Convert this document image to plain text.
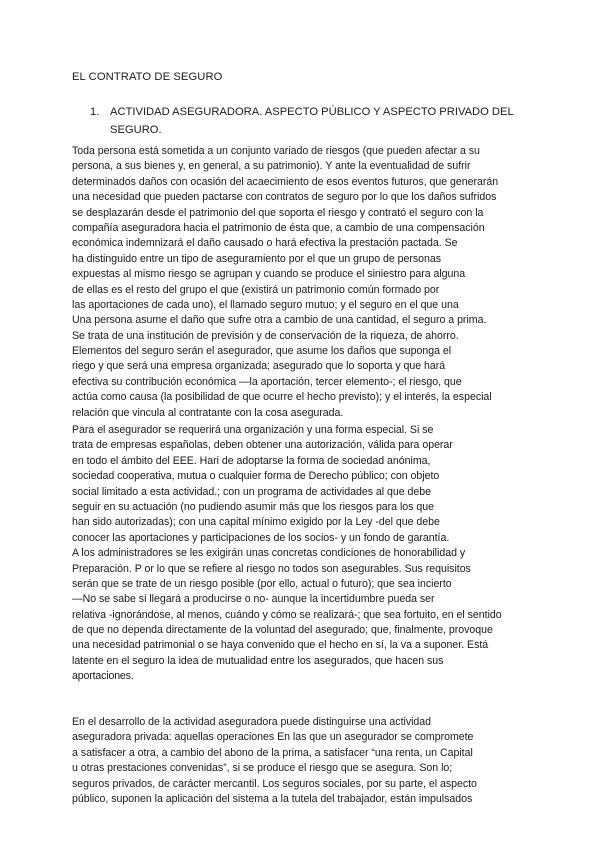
EL CONTRATO DE SEGURO
1. ACTIVIDAD ASEGURADORA. ASPECTO PÚBLICO Y ASPECTO PRIVADO DEL SEGURO.
Toda persona está sometida a un conjunto variado de riesgos (que pueden afectar a su
persona, a sus bienes y, en general, a su patrimonio). Y ante la eventualidad de sufrir
determinados daños con ocasión del acaecimiento de esos eventos futuros, que generarán
una necesidad que pueden pactarse con contratos de seguro por lo que los daños sufridos
se desplazarán desde el patrimonio del que soporta el riesgo y contrató el seguro con la
compañía aseguradora hacia el patrimonio de ésta que, a cambio de una compensación
económica indemnizará el daño causado o hará efectiva la prestación pactada. Se
ha distinguido entre un tipo de aseguramiento por el que un grupo de personas
expuestas al mismo riesgo se agrupan y cuando se produce el siniestro para alguna
de ellas es el resto del grupo el que (existirá un patrimonio común formado por
las aportaciones de cada uno), el llamado seguro mutuo; y el seguro en el que una
Una persona asume el daño que sufre otra a cambio de una cantidad, el seguro a prima.
Se trata de una institución de previsión y de conservación de la riqueza, de ahorro.
Elementos del seguro serán el asegurador, que asume los daños que suponga el
riego y que será una empresa organizada; asegurado que lo soporta y que hará
efectiva su contribución económica —la aportación, tercer elemento-; el riesgo, que
actúa como causa (la posibilidad de que ocurre el hecho previsto); y el interés, la especial
relación que vincula al contratante con la cosa asegurada.
Para el asegurador se requerirá una organización y una forma especial. Si se
trata de empresas españolas, deben obtener una autorización, válida para operar
en todo el ámbito del EEE. Hari de adoptarse la forma de sociedad anónima,
sociedad cooperativa, mutua o cualquier forma de Derecho público; con objeto
social limitado a esta actividad.; con un programa de actividades al que debe
seguir en su actuación (no pudiendo asumir más que los riesgos para los que
han sido autorizadas); con una capital mínimo exigido por la Ley -del que debe
conocer las aportaciones y participaciones de los socios- y un fondo de garantía.
A los administradores se les exigirán unas concretas condiciones de honorabilidad y
Preparación. P or lo que se refiere al riesgo no todos son asegurables. Sus requisitos
serán que se trate de un riesgo posible (por ello, actual o futuro); que sea incierto
—No se sabe si llegará a producirse o no- aunque la incertidumbre pueda ser
relativa -ignorándose, al menos, cuándo y cómo se realizará-; que sea fortuito, en el sentido
de que no dependa directamente de la voluntad del asegurado; que, finalmente, provoque
una necesidad patrimonial o se haya convenido que el hecho en sí, la va a suponer. Está
latente en el seguro la idea de mutualidad entre los asegurados, que hacen sus
aportaciones.
En el desarrollo de la actividad aseguradora puede distinguirse una actividad
aseguradora privada: aquellas operaciones En las que un asegurador se compromete
a satisfacer a otra, a cambio del abono de la prima, a satisfacer “una renta, un Capital
u otras prestaciones convenidas”, si se produce el riesgo que se asegura. Son lo;
seguros privados, de carácter mercantil. Los seguros sociales, por su parte, el aspecto
público, suponen la aplicación del sistema a la tutela del trabajador, están impulsados
